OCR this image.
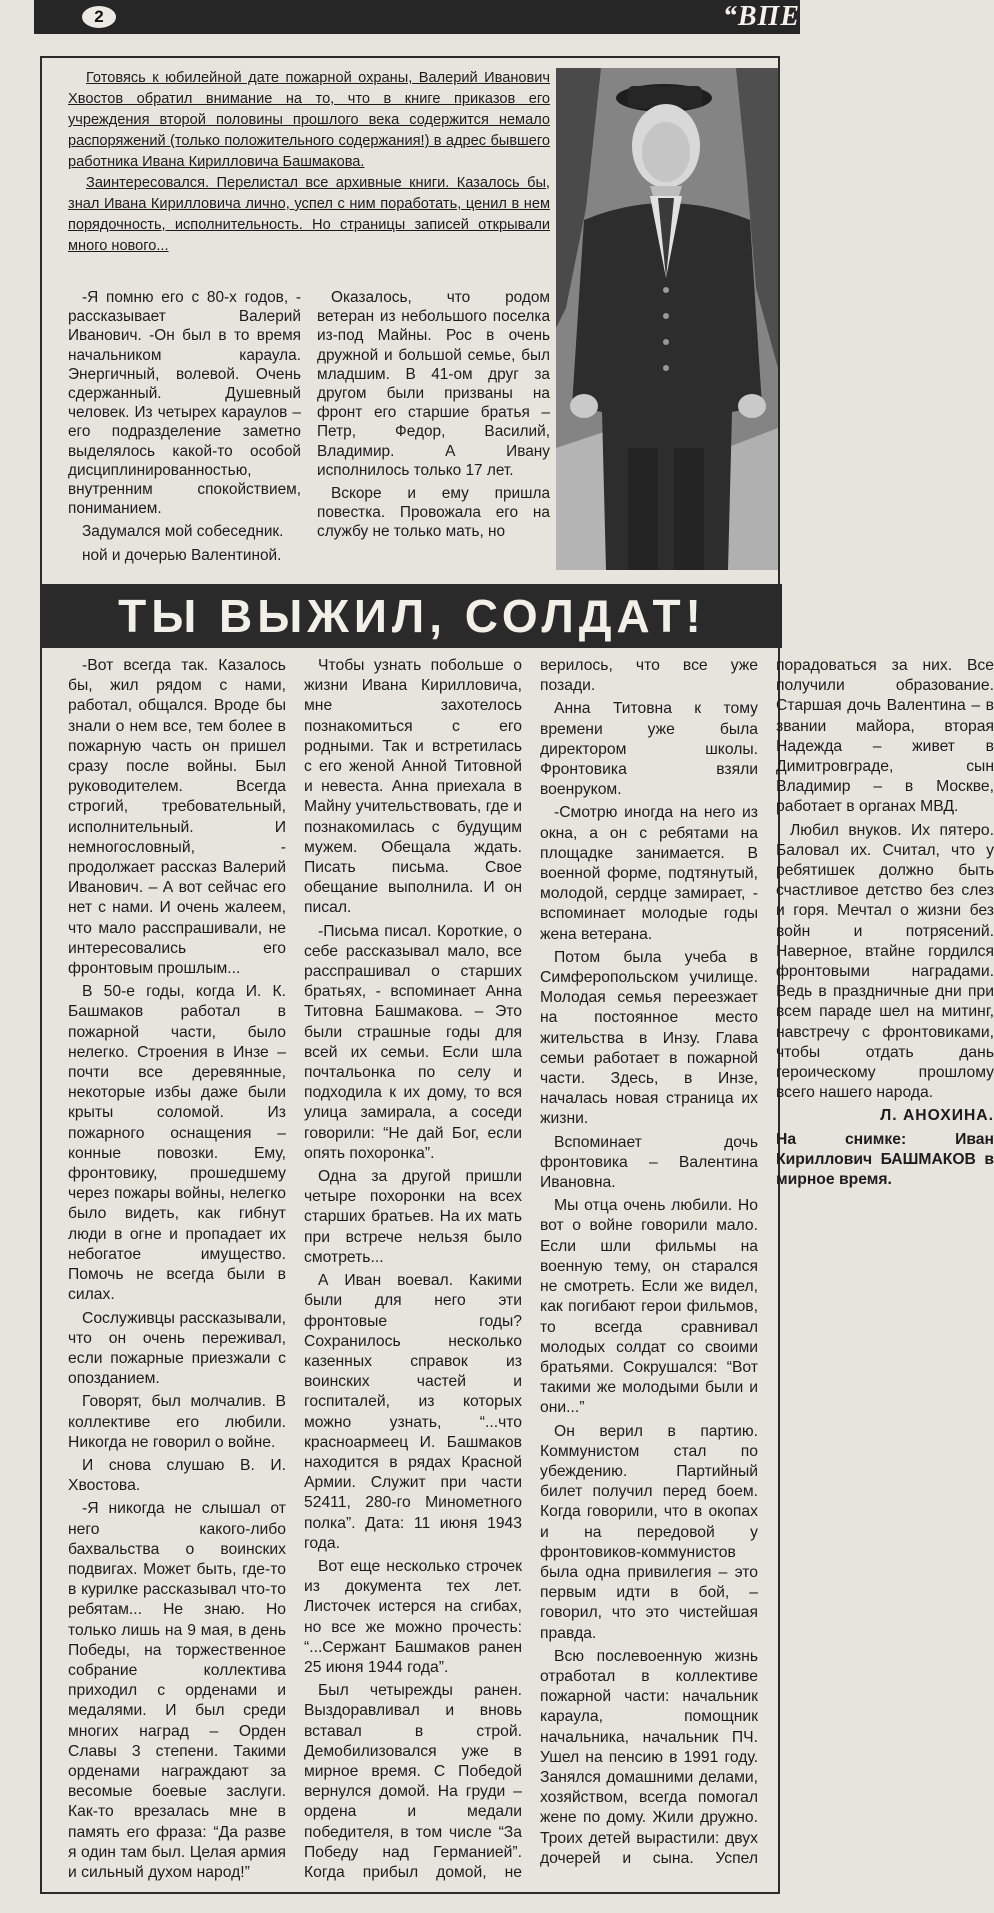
2	“ВПЕ

Готовясь к юбилейной дате пожарной охраны, Валерий Иванович Хвостов обратил внимание на то, что в книге приказов его учреждения второй половины прошлого века содержится немало распоряжений (только положительного содержания!) в адрес бывшего работника Ивана Кирилловича Башмакова.

Заинтересовался. Перелистал все архивные книги. Казалось бы, знал Ивана Кирилловича лично, успел с ним поработать, ценил в нем порядочность, исполнительность. Но страницы записей открывали много нового...

-Я помню его с 80-х годов, - рассказывает Валерий Иванович. -Он был в то время начальником караула. Энергичный, волевой. Очень сдержанный. Душевный человек. Из четырех караулов – его подразделение заметно выделялось какой-то особой дисциплинированностью, внутренним спокойствием, пониманием.

Задумался мой собеседник.

ной и дочерью Валентиной.

Оказалось, что родом ветеран из небольшого поселка из-под Майны. Рос в очень дружной и большой семье, был младшим. В 41-ом друг за другом были призваны на фронт его старшие братья – Петр, Федор, Василий, Владимир. А Ивану исполнилось только 17 лет.

Вскоре и ему пришла повестка. Провожала его на службу не только мать, но

ТЫ ВЫЖИЛ, СОЛДАТ!

-Вот всегда так. Казалось бы, жил рядом с нами, работал, общался. Вроде бы знали о нем все, тем более в пожарную часть он пришел сразу после войны. Был руководителем. Всегда строгий, требовательный, исполнительный. И немногословный, - продолжает рассказ Валерий Иванович. – А вот сейчас его нет с нами. И очень жалеем, что мало расспрашивали, не интересовались его фронтовым прошлым...

В 50-е годы, когда И. К. Башмаков работал в пожарной части, было нелегко. Строения в Инзе – почти все деревянные, некоторые избы даже были крыты соломой. Из пожарного оснащения – конные повозки. Ему, фронтовику, прошедшему через пожары войны, нелегко было видеть, как гибнут люди в огне и пропадает их небогатое имущество. Помочь не всегда были в силах.

Сослуживцы рассказывали, что он очень переживал, если пожарные приезжали с опозданием.

Говорят, был молчалив. В коллективе его любили. Никогда не говорил о войне.

И снова слушаю В. И. Хвостова.

-Я никогда не слышал от него какого-либо бахвальства о воинских подвигах. Может быть, где-то в курилке рассказывал что-то ребятам... Не знаю. Но только лишь на 9 мая, в день Победы, на торжественное собрание коллектива приходил с орденами и медалями. И был среди многих наград – Орден Славы 3 степени. Такими орденами награждают за весомые боевые заслуги. Как-то врезалась мне в память его фраза: “Да разве я один там был. Целая армия и сильный духом народ!”

Чтобы узнать побольше о жизни Ивана Кирилловича, мне захотелось познакомиться с его родными. Так и встретилась с его женой Анной Титовной и невеста. Анна приехала в Майну учительствовать, где и познакомилась с будущим мужем. Обещала ждать. Писать письма. Свое обещание выполнила. И он писал.

-Письма писал. Короткие, о себе рассказывал мало, все расспрашивал о старших братьях, - вспоминает Анна Титовна Башмакова. – Это были страшные годы для всей их семьи. Если шла почтальонка по селу и подходила к их дому, то вся улица замирала, а соседи говорили: “Не дай Бог, если опять похоронка”.

Одна за другой пришли четыре похоронки на всех старших братьев. На их мать при встрече нельзя было смотреть...

А Иван воевал. Какими были для него эти фронтовые годы? Сохранилось несколько казенных справок из воинских частей и госпиталей, из которых можно узнать, “...что красноармеец И. Башмаков находится в рядах Красной Армии. Служит при части 52411, 280-го Минометного полка”. Дата: 11 июня 1943 года.

Вот еще несколько строчек из документа тех лет. Листочек истерся на сгибах, но все же можно прочесть: “...Сержант Башмаков ранен 25 июня 1944 года”.

Был четырежды ранен. Выздоравливал и вновь вставал в строй. Демобилизовался уже в мирное время. С Победой вернулся домой. На груди – ордена и медали победителя, в том числе “За Победу над Германией”. Когда прибыл домой, не верилось, что все уже позади.

Анна Титовна к тому времени уже была директором школы. Фронтовика взяли военруком.

-Смотрю иногда на него из окна, а он с ребятами на площадке занимается. В военной форме, подтянутый, молодой, сердце замирает, - вспоминает молодые годы жена ветерана.

Потом была учеба в Симферопольском училище. Молодая семья переезжает на постоянное место жительства в Инзу. Глава семьи работает в пожарной части. Здесь, в Инзе, началась новая страница их жизни.

Вспоминает дочь фронтовика – Валентина Ивановна.

Мы отца очень любили. Но вот о войне говорили мало. Если шли фильмы на военную тему, он старался не смотреть. Если же видел, как погибают герои фильмов, то всегда сравнивал молодых солдат со своими братьями. Сокрушался: “Вот такими же молодыми были и они...”

Он верил в партию. Коммунистом стал по убеждению. Партийный билет получил перед боем. Когда говорили, что в окопах и на передовой у фронтовиков-коммунистов была одна привилегия – это первым идти в бой, – говорил, что это чистейшая правда.

Всю послевоенную жизнь отработал в коллективе пожарной части: начальник караула, помощник начальника, начальник ПЧ. Ушел на пенсию в 1991 году. Занялся домашними делами, хозяйством, всегда помогал жене по дому. Жили дружно. Троих детей вырастили: двух дочерей и сына. Успел порадоваться за них. Все получили образование. Старшая дочь Валентина – в звании майора, вторая Надежда – живет в Димитровграде, сын Владимир – в Москве, работает в органах МВД.

Любил внуков. Их пятеро. Баловал их. Считал, что у ребятишек должно быть счастливое детство без слез и горя. Мечтал о жизни без войн и потрясений. Наверное, втайне гордился фронтовыми наградами. Ведь в праздничные дни при всем параде шел на митинг, навстречу с фронтовиками, чтобы отдать дань героическому прошлому всего нашего народа.

Л. АНОХИНА.

На снимке: Иван Кириллович БАШМАКОВ в мирное время.
